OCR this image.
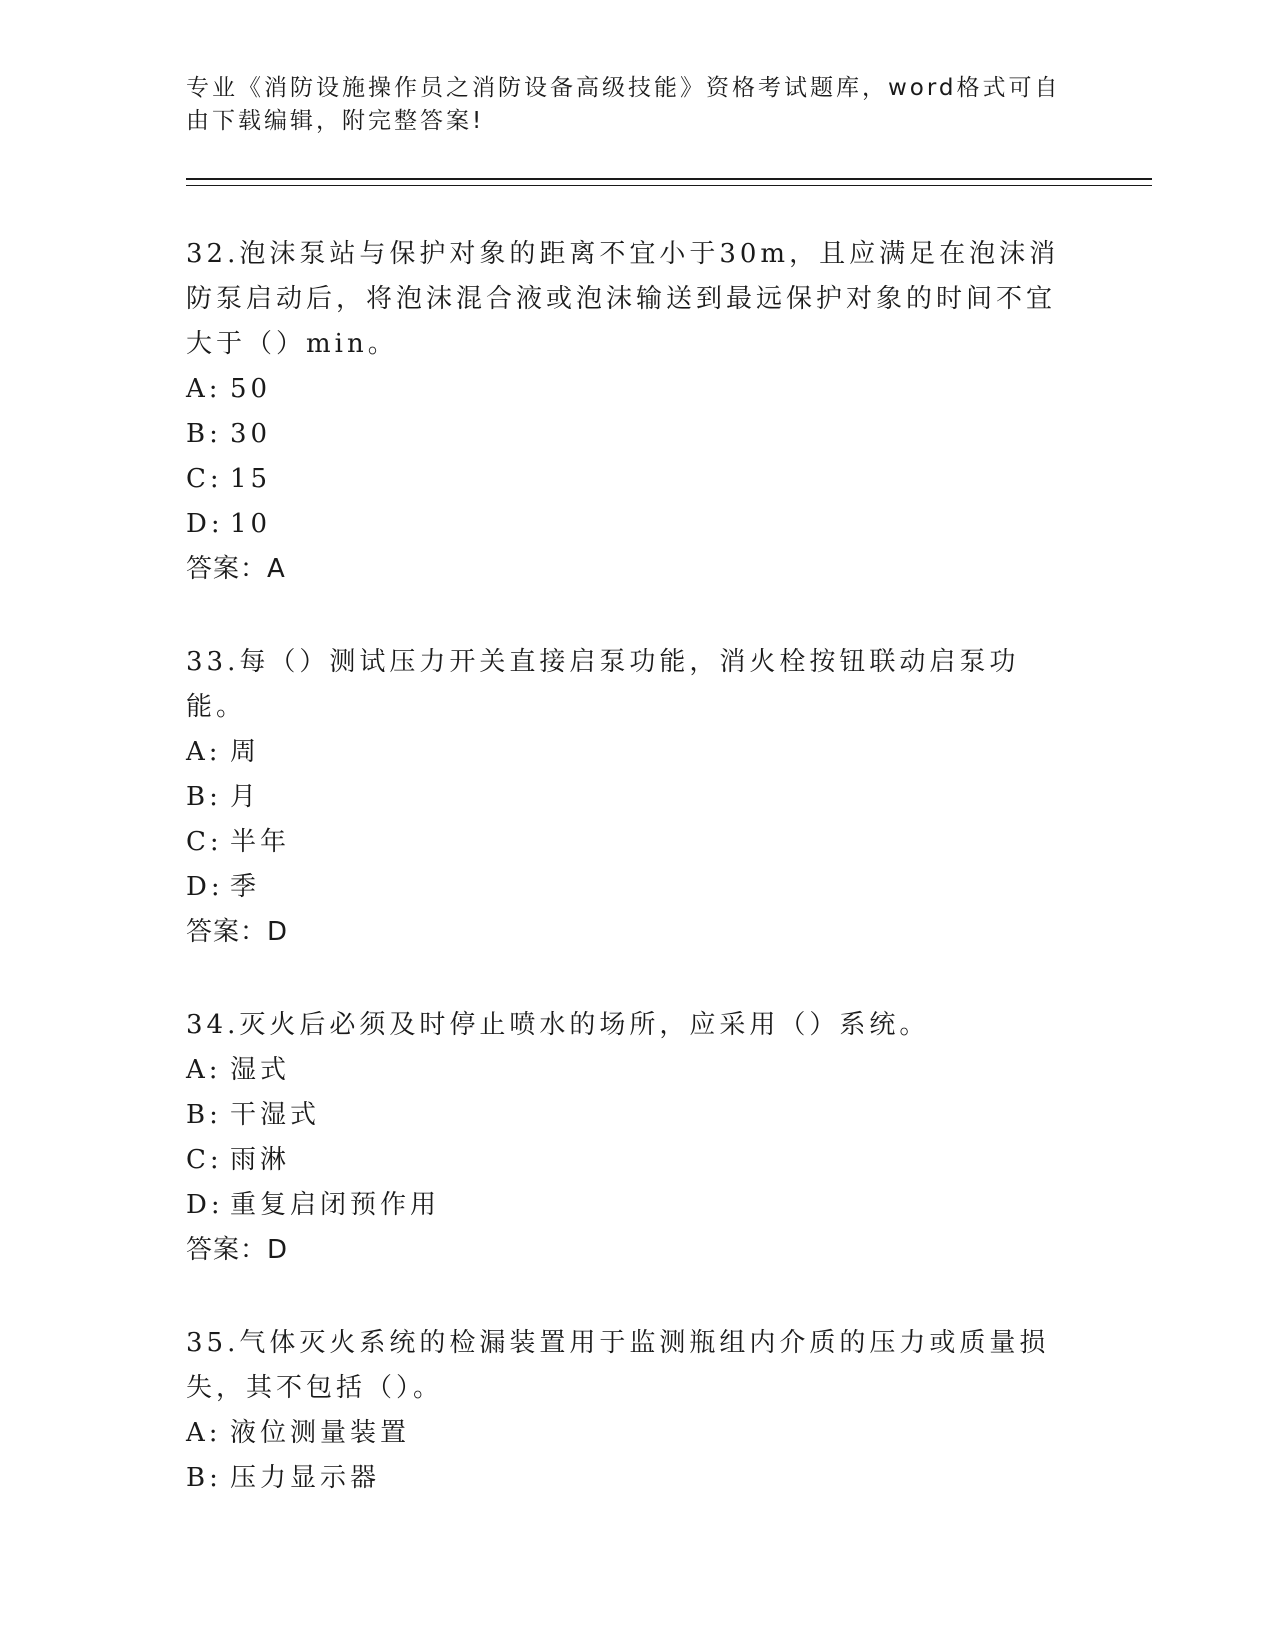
专业《消防设施操作员之消防设备高级技能》资格考试题库，word格式可自由下载编辑，附完整答案!
32.泡沫泵站与保护对象的距离不宜小于30m，且应满足在泡沫消防泵启动后，将泡沫混合液或泡沫输送到最远保护对象的时间不宜大于（）min。
A: 50
B: 30
C: 15
D: 10
答案：A
33.每（）测试压力开关直接启泵功能，消火栓按钮联动启泵功能。
A: 周
B: 月
C: 半年
D: 季
答案：D
34.灭火后必须及时停止喷水的场所，应采用（）系统。
A: 湿式
B: 干湿式
C: 雨淋
D: 重复启闭预作用
答案：D
35.气体灭火系统的检漏装置用于监测瓶组内介质的压力或质量损失，其不包括（）。
A: 液位测量装置
B: 压力显示器
